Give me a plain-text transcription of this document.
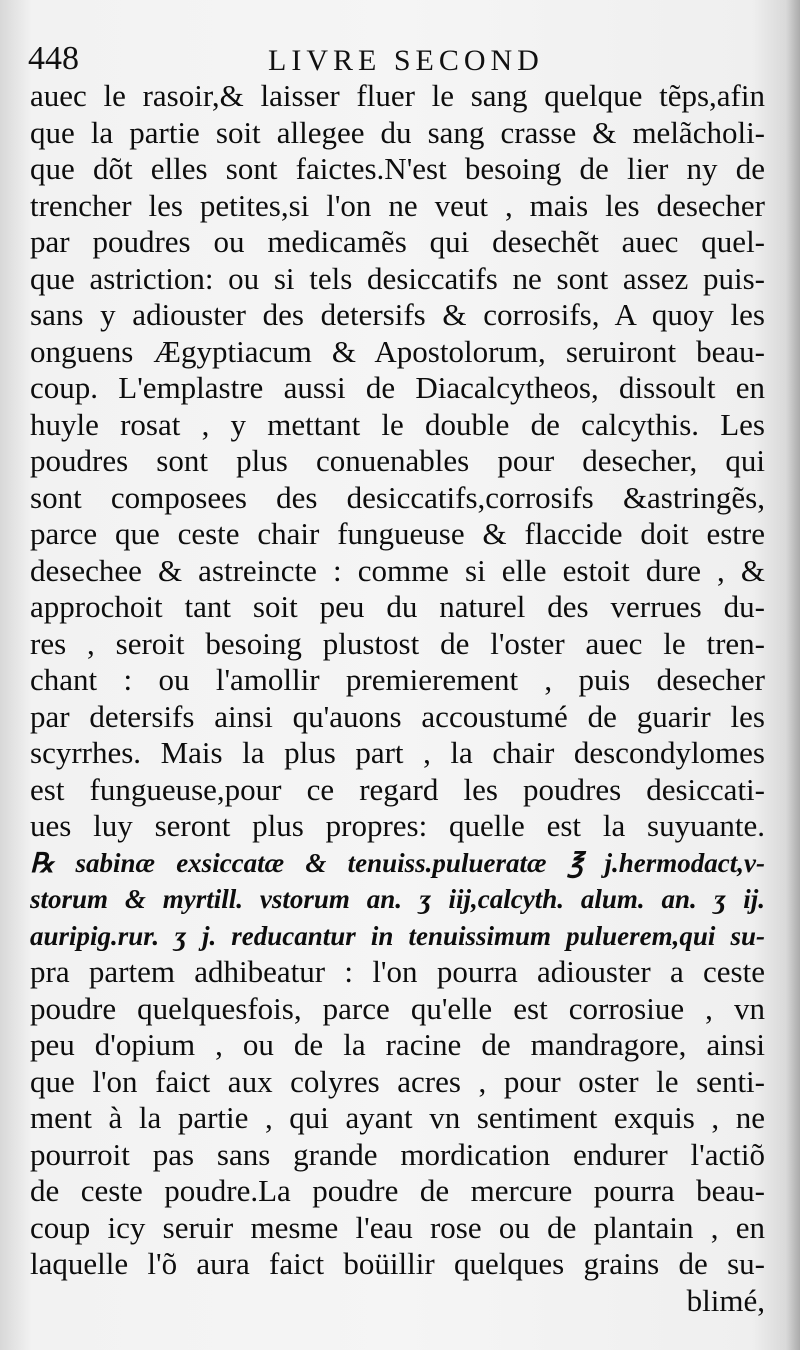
448	LIVRE SECOND
auec le rasoir,& laisser fluer le sang quelque tẽps,afin
que la partie soit allegee du sang crasse & melãcholi-
que dõt elles sont faictes.N'est besoing de lier ny de
trencher les petites,si l'on ne veut , mais les desecher
par poudres ou medicamẽs qui desechẽt auec quel-
que astriction: ou si tels desiccatifs ne sont assez puis-
sans y adiouster des detersifs & corrosifs, A quoy les
onguens Ægyptiacum & Apostolorum, seruiront beau-
coup. L'emplastre aussi de Diacalcytheos, dissoult en
huyle rosat , y mettant le double de calcythis. Les
poudres sont plus conuenables pour desecher, qui
sont composees des desiccatifs,corrosifs &astringẽs,
parce que ceste chair fungueuse & flaccide doit estre
desechee & astreincte : comme si elle estoit dure , &
approchoit tant soit peu du naturel des verrues du-
res , seroit besoing plustost de l'oster auec le tren-
chant : ou l'amollir premierement , puis desecher
par detersifs ainsi qu'auons accoustumé de guarir les
scyrrhes. Mais la plus part , la chair descondylomes
est fungueuse,pour ce regard les poudres desiccati-
ues luy seront plus propres: quelle est la suyuante.
℞ sabinæ exsiccatæ & tenuiss.pulueratæ ℥ j.hermodact,v-
storum & myrtill. vstorum an. ʒ iij,calcyth. alum. an. ʒ ij.
auripig.rur. ʒ j. reducantur in tenuissimum puluerem,qui su-
pra partem adhibeatur : l'on pourra adiouster a ceste
poudre quelquesfois, parce qu'elle est corrosiue , vn
peu d'opium , ou de la racine de mandragore, ainsi
que l'on faict aux colyres acres , pour oster le senti-
ment à la partie , qui ayant vn sentiment exquis , ne
pourroit pas sans grande mordication endurer l'actiõ
de ceste poudre.La poudre de mercure pourra beau-
coup icy seruir mesme l'eau rose ou de plantain , en
laquelle l'õ aura faict boüillir quelques grains de su-
blimé,
